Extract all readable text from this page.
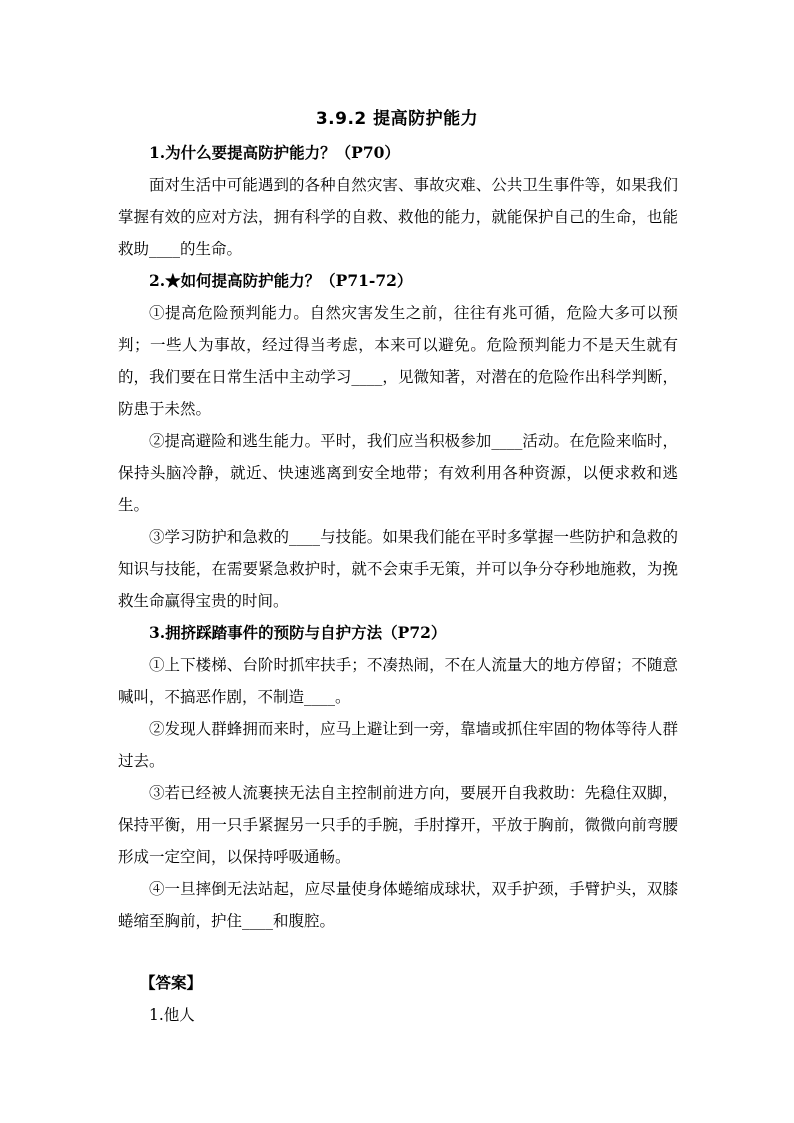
3.9.2 提高防护能力
1.为什么要提高防护能力？（P70）
面对生活中可能遇到的各种自然灾害、事故灾难、公共卫生事件等，如果我们掌握有效的应对方法，拥有科学的自救、救他的能力，就能保护自己的生命，也能救助____的生命。
2.★如何提高防护能力？（P71-72）
①提高危险预判能力。自然灾害发生之前，往往有兆可循，危险大多可以预判；一些人为事故，经过得当考虑，本来可以避免。危险预判能力不是天生就有的，我们要在日常生活中主动学习____，见微知著，对潜在的危险作出科学判断，防患于未然。
②提高避险和逃生能力。平时，我们应当积极参加____活动。在危险来临时，保持头脑冷静，就近、快速逃离到安全地带；有效利用各种资源，以便求救和逃生。
③学习防护和急救的____与技能。如果我们能在平时多掌握一些防护和急救的知识与技能，在需要紧急救护时，就不会束手无策，并可以争分夺秒地施救，为挽救生命赢得宝贵的时间。
3.拥挤踩踏事件的预防与自护方法（P72）
①上下楼梯、台阶时抓牢扶手；不凑热闹，不在人流量大的地方停留；不随意喊叫，不搞恶作剧，不制造____。
②发现人群蜂拥而来时，应马上避让到一旁，靠墙或抓住牢固的物体等待人群过去。
③若已经被人流裹挟无法自主控制前进方向，要展开自我救助：先稳住双脚，保持平衡，用一只手紧握另一只手的手腕，手肘撑开，平放于胸前，微微向前弯腰形成一定空间，以保持呼吸通畅。
④一旦摔倒无法站起，应尽量使身体蜷缩成球状，双手护颈，手臂护头，双膝蜷缩至胸前，护住____和腹腔。
【答案】
1.他人
